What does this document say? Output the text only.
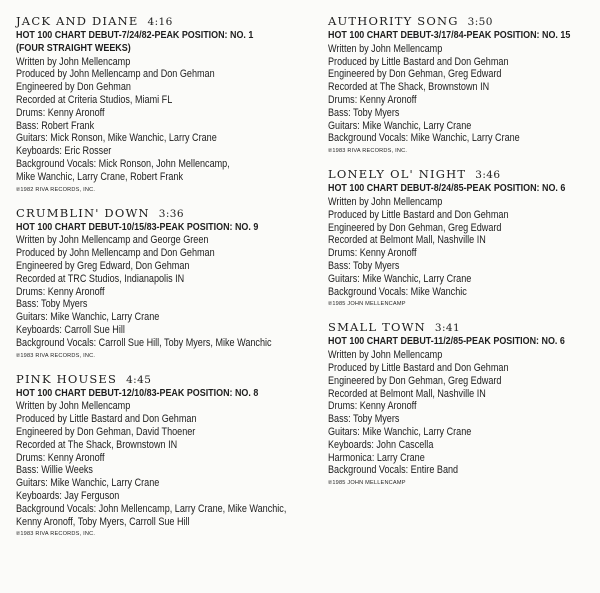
JACK AND DIANE 4:16
HOT 100 CHART DEBUT-7/24/82-PEAK POSITION: NO. 1
(FOUR STRAIGHT WEEKS)
Written by John Mellencamp
Produced by John Mellencamp and Don Gehman
Engineered by Don Gehman
Recorded at Criteria Studios, Miami FL
Drums: Kenny Aronoff
Bass: Robert Frank
Guitars: Mick Ronson, Mike Wanchic, Larry Crane
Keyboards: Eric Rosser
Background Vocals: Mick Ronson, John Mellencamp,
Mike Wanchic, Larry Crane, Robert Frank
℗1982 RIVA RECORDS, INC.
CRUMBLIN' DOWN 3:36
HOT 100 CHART DEBUT-10/15/83-PEAK POSITION: NO. 9
Written by John Mellencamp and George Green
Produced by John Mellencamp and Don Gehman
Engineered by Greg Edward, Don Gehman
Recorded at TRC Studios, Indianapolis IN
Drums: Kenny Aronoff
Bass: Toby Myers
Guitars: Mike Wanchic, Larry Crane
Keyboards: Carroll Sue Hill
Background Vocals: Carroll Sue Hill, Toby Myers, Mike Wanchic
℗1983 RIVA RECORDS, INC.
PINK HOUSES 4:45
HOT 100 CHART DEBUT-12/10/83-PEAK POSITION: NO. 8
Written by John Mellencamp
Produced by Little Bastard and Don Gehman
Engineered by Don Gehman, David Thoener
Recorded at The Shack, Brownstown IN
Drums: Kenny Aronoff
Bass: Willie Weeks
Guitars: Mike Wanchic, Larry Crane
Keyboards: Jay Ferguson
Background Vocals: John Mellencamp, Larry Crane, Mike Wanchic,
Kenny Aronoff, Toby Myers, Carroll Sue Hill
℗1983 RIVA RECORDS, INC.
AUTHORITY SONG 3:50
HOT 100 CHART DEBUT-3/17/84-PEAK POSITION: NO. 15
Written by John Mellencamp
Produced by Little Bastard and Don Gehman
Engineered by Don Gehman, Greg Edward
Recorded at The Shack, Brownstown IN
Drums: Kenny Aronoff
Bass: Toby Myers
Guitars: Mike Wanchic, Larry Crane
Background Vocals: Mike Wanchic, Larry Crane
℗1983 RIVA RECORDS, INC.
LONELY OL' NIGHT 3:46
HOT 100 CHART DEBUT-8/24/85-PEAK POSITION: NO. 6
Written by John Mellencamp
Produced by Little Bastard and Don Gehman
Engineered by Don Gehman, Greg Edward
Recorded at Belmont Mall, Nashville IN
Drums: Kenny Aronoff
Bass: Toby Myers
Guitars: Mike Wanchic, Larry Crane
Background Vocals: Mike Wanchic
℗1985 JOHN MELLENCAMP
SMALL TOWN 3:41
HOT 100 CHART DEBUT-11/2/85-PEAK POSITION: NO. 6
Written by John Mellencamp
Produced by Little Bastard and Don Gehman
Engineered by Don Gehman, Greg Edward
Recorded at Belmont Mall, Nashville IN
Drums: Kenny Aronoff
Bass: Toby Myers
Guitars: Mike Wanchic, Larry Crane
Keyboards: John Cascella
Harmonica: Larry Crane
Background Vocals: Entire Band
℗1985 JOHN MELLENCAMP
